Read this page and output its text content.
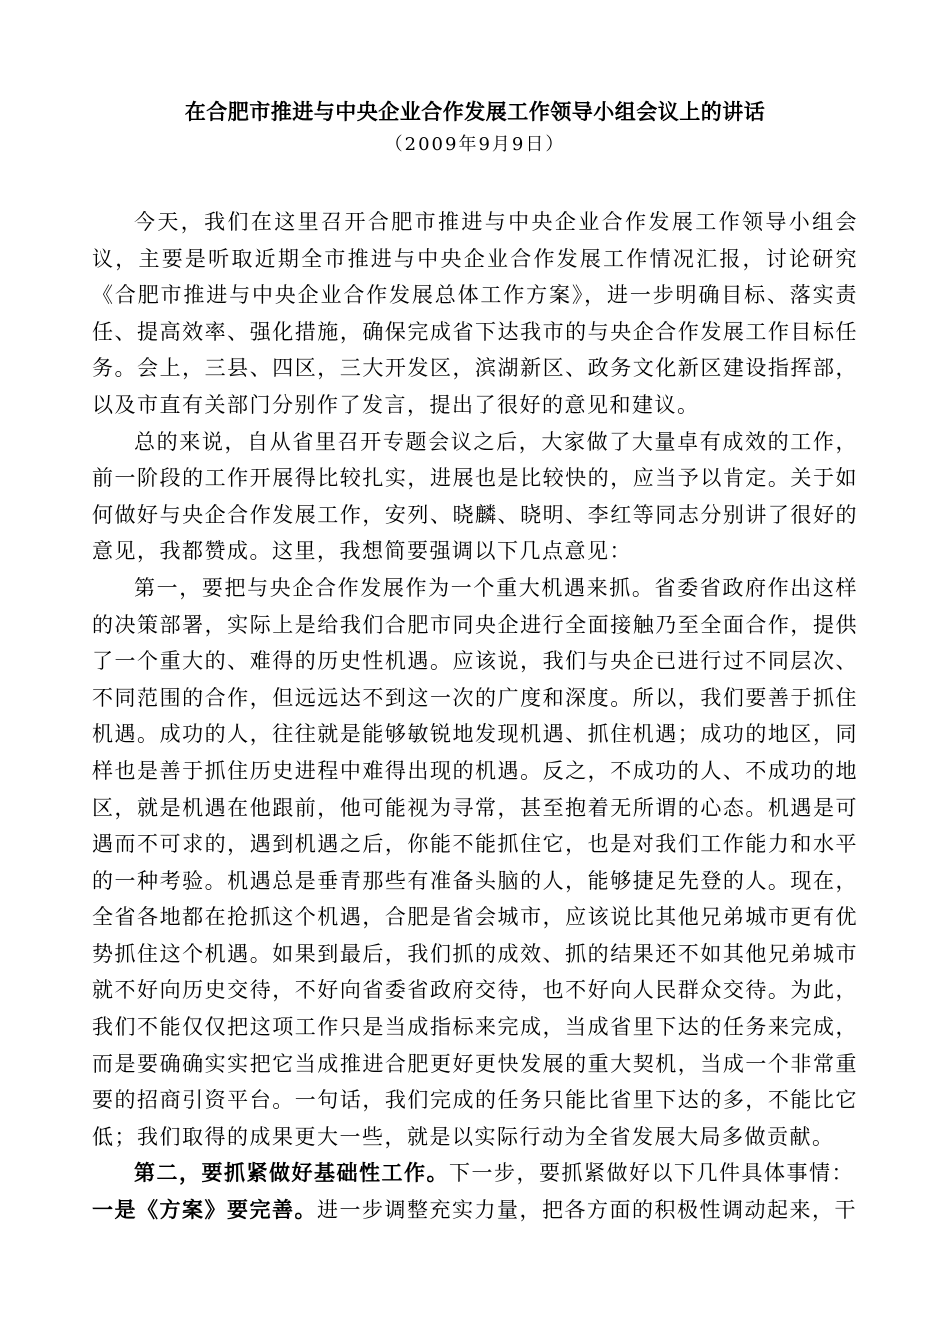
在合肥市推进与中央企业合作发展工作领导小组会议上的讲话

（2009年9月9日）

今天，我们在这里召开合肥市推进与中央企业合作发展工作领导小组会议，主要是听取近期全市推进与中央企业合作发展工作情况汇报，讨论研究《合肥市推进与中央企业合作发展总体工作方案》，进一步明确目标、落实责任、提高效率、强化措施，确保完成省下达我市的与央企合作发展工作目标任务。会上，三县、四区，三大开发区，滨湖新区、政务文化新区建设指挥部，以及市直有关部门分别作了发言，提出了很好的意见和建议。

总的来说，自从省里召开专题会议之后，大家做了大量卓有成效的工作，前一阶段的工作开展得比较扎实，进展也是比较快的，应当予以肯定。关于如何做好与央企合作发展工作，安列、晓麟、晓明、李红等同志分别讲了很好的意见，我都赞成。这里，我想简要强调以下几点意见：

第一，要把与央企合作发展作为一个重大机遇来抓。省委省政府作出这样的决策部署，实际上是给我们合肥市同央企进行全面接触乃至全面合作，提供了一个重大的、难得的历史性机遇。应该说，我们与央企已进行过不同层次、不同范围的合作，但远远达不到这一次的广度和深度。所以，我们要善于抓住机遇。成功的人，往往就是能够敏锐地发现机遇、抓住机遇；成功的地区，同样也是善于抓住历史进程中难得出现的机遇。反之，不成功的人、不成功的地区，就是机遇在他跟前，他可能视为寻常，甚至抱着无所谓的心态。机遇是可遇而不可求的，遇到机遇之后，你能不能抓住它，也是对我们工作能力和水平的一种考验。机遇总是垂青那些有准备头脑的人，能够捷足先登的人。现在，全省各地都在抢抓这个机遇，合肥是省会城市，应该说比其他兄弟城市更有优势抓住这个机遇。如果到最后，我们抓的成效、抓的结果还不如其他兄弟城市就不好向历史交待，不好向省委省政府交待，也不好向人民群众交待。为此，我们不能仅仅把这项工作只是当成指标来完成，当成省里下达的任务来完成，而是要确确实实把它当成推进合肥更好更快发展的重大契机，当成一个非常重要的招商引资平台。一句话，我们完成的任务只能比省里下达的多，不能比它低；我们取得的成果更大一些，就是以实际行动为全省发展大局多做贡献。

第二，要抓紧做好基础性工作。下一步，要抓紧做好以下几件具体事情：

一是《方案》要完善。进一步调整充实力量，把各方面的积极性调动起来，干
